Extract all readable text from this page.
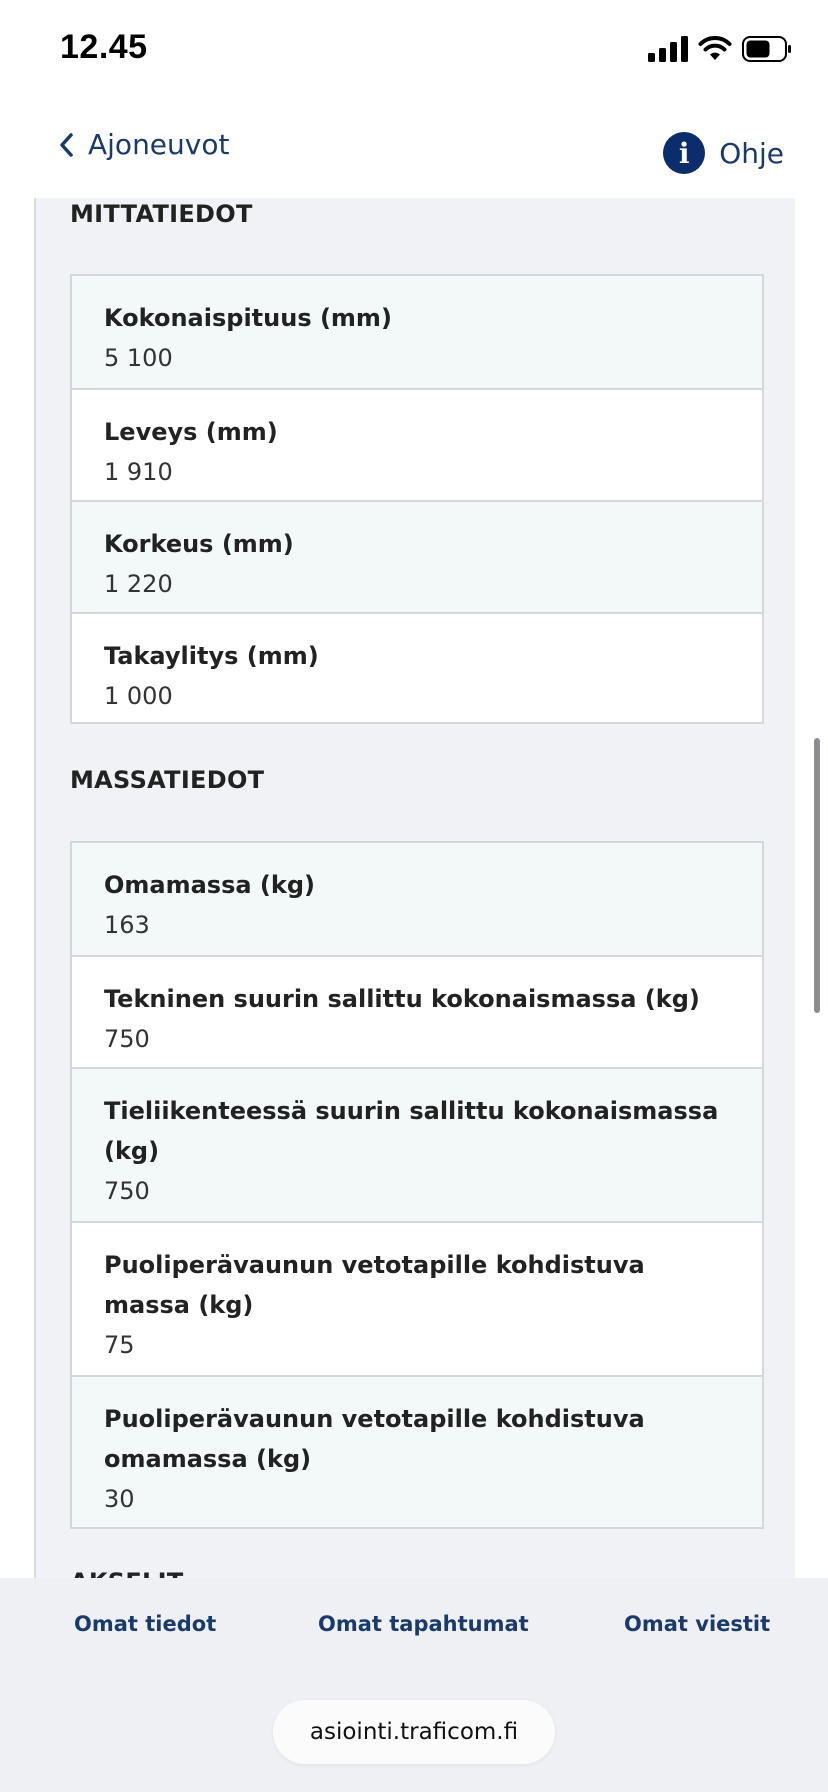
12.45
Ajoneuvot	i	Ohje
MITTATIEDOT
Kokonaispituus (mm)
5 100
Leveys (mm)
1 910
Korkeus (mm)
1 220
Takaylitys (mm)
1 000
MASSATIEDOT
Omamassa (kg)
163
Tekninen suurin sallittu kokonaismassa (kg)
750
Tieliikenteessä suurin sallittu kokonaismassa (kg)
750
Puoliperävaunun vetotapille kohdistuva massa (kg)
75
Puoliperävaunun vetotapille kohdistuva omamassa (kg)
30
Omat tiedot	Omat tapahtumat	Omat viestit
asiointi.traficom.fi
